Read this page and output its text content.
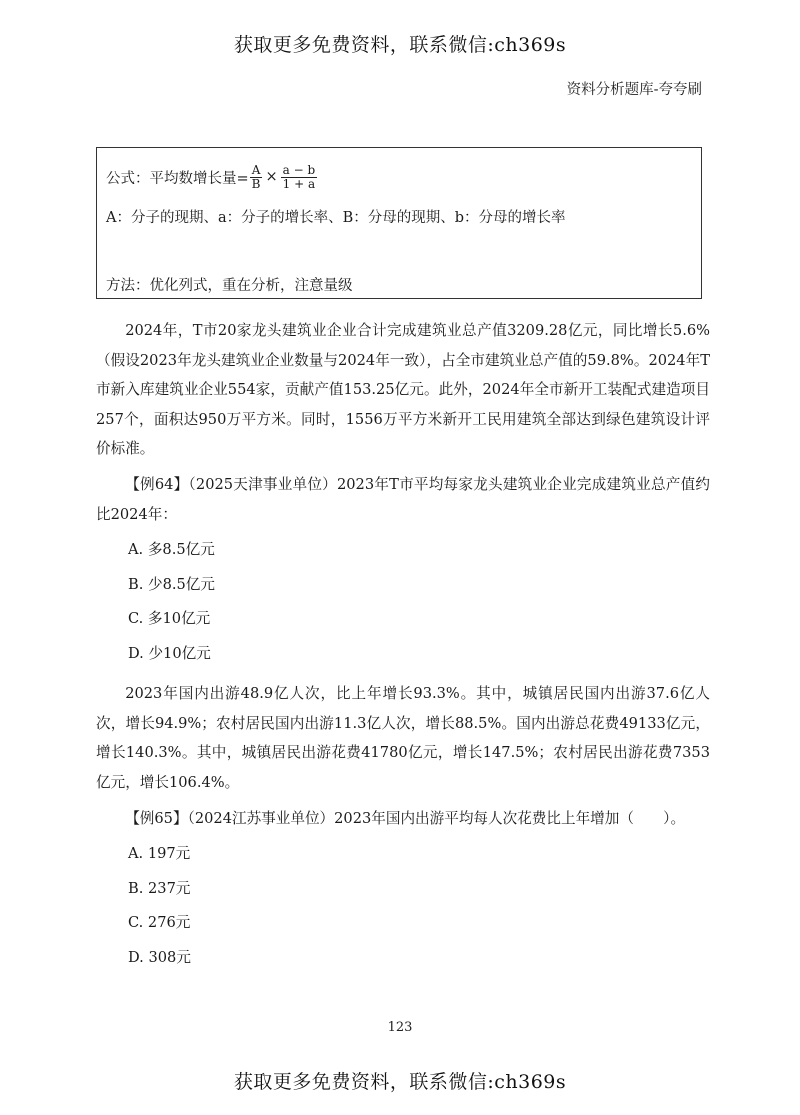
获取更多免费资料，联系微信:ch369s
资料分析题库-夸夸刷
公式：平均数增长量= $\frac{A}{B} \times \frac{a - b}{1 + a}$
A：分子的现期、a：分子的增长率、B：分母的现期、b：分母的增长率
方法：优化列式，重在分析，注意量级

2024年，T市20家龙头建筑业企业合计完成建筑业总产值3209.28亿元，同比增长5.6%（假设2023年龙头建筑业企业数量与2024年一致），占全市建筑业总产值的59.8%。2024年T市新入库建筑业企业554家，贡献产值153.25亿元。此外，2024年全市新开工装配式建造项目257个，面积达950万平方米。同时，1556万平方米新开工民用建筑全部达到绿色建筑设计评价标准。

【例64】（2025天津事业单位）2023年T市平均每家龙头建筑业企业完成建筑业总产值约比2024年：

A. 多8.5亿元
B. 少8.5亿元
C. 多10亿元
D. 少10亿元

2023年国内出游48.9亿人次，比上年增长93.3%。其中，城镇居民国内出游37.6亿人次，增长94.9%；农村居民国内出游11.3亿人次，增长88.5%。国内出游总花费49133亿元，增长140.3%。其中，城镇居民出游花费41780亿元，增长147.5%；农村居民出游花费7353亿元，增长106.4%。

【例65】（2024江苏事业单位）2023年国内出游平均每人次花费比上年增加（　　）。

A. 197元
B. 237元
C. 276元
D. 308元
123
获取更多免费资料，联系微信:ch369s
